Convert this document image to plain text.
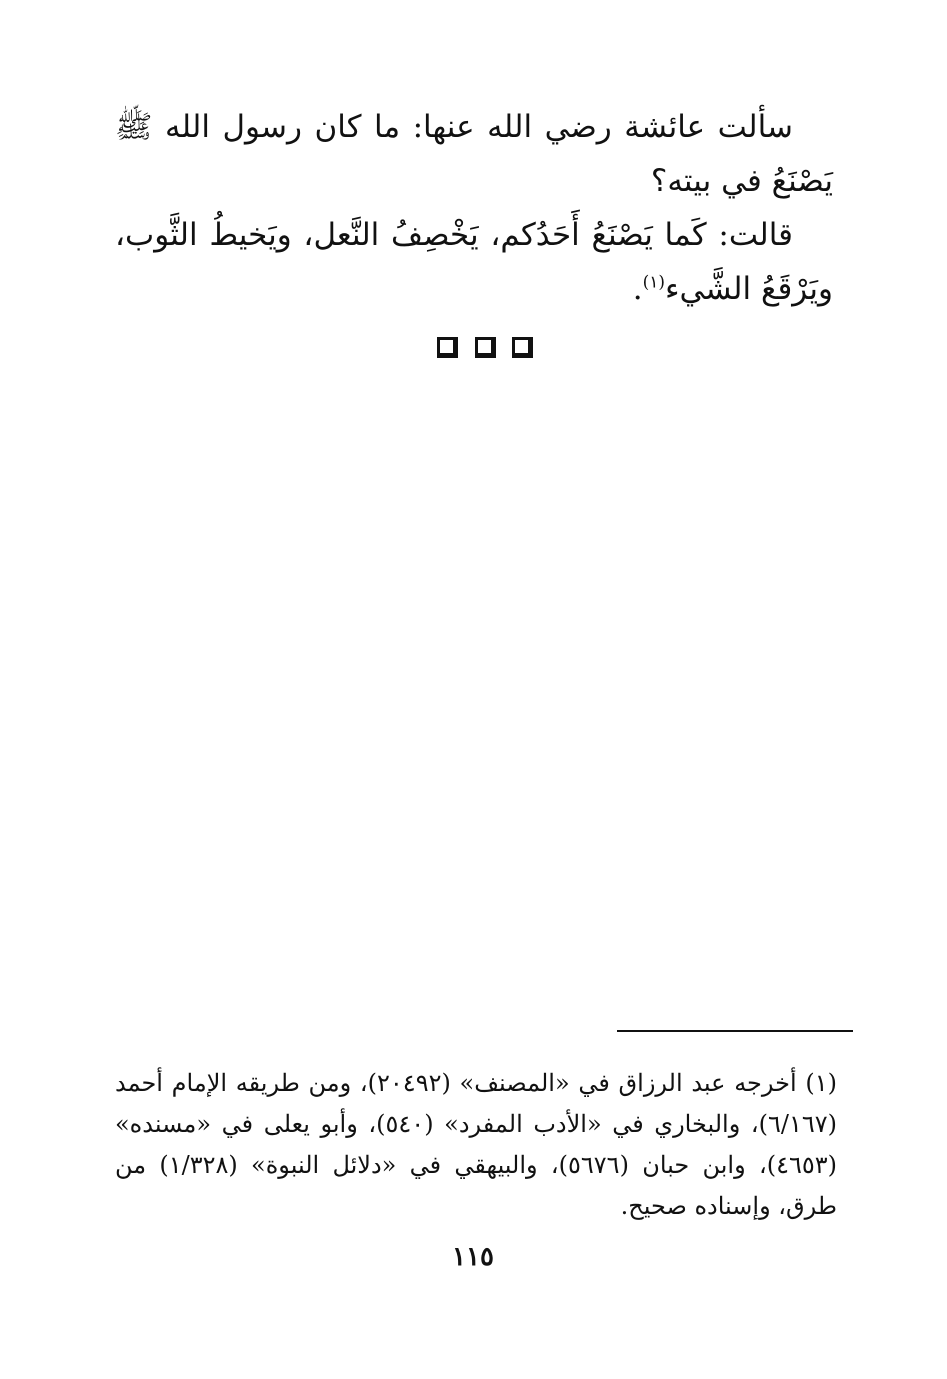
سألت عائشة رضي الله عنها: ما كان رسول الله ﷺ يَصْنَعُ في بيته؟

قالت: كَما يَصْنَعُ أَحَدُكم، يَخْصِفُ النَّعل، ويَخيطُ الثَّوب، ويَرْقَعُ الشَّيء$^{(١)}$.

(١) أخرجه عبد الرزاق في «المصنف» (٢٠٤٩٢)، ومن طريقه الإمام أحمد (٦/١٦٧)، والبخاري في «الأدب المفرد» (٥٤٠)، وأبو يعلى في «مسنده» (٤٦٥٣)، وابن حبان (٥٦٧٦)، والبيهقي في «دلائل النبوة» (١/٣٢٨) من طرق، وإسناده صحيح.

١١٥
